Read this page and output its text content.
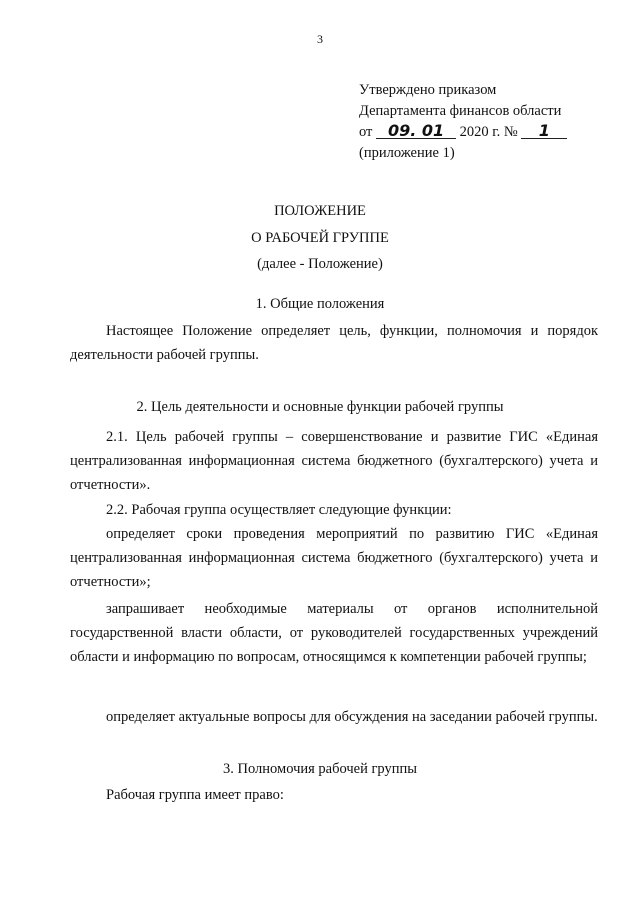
3
Утверждено приказом
Департамента финансов области
от 09. 01 2020 г. № 1
(приложение 1)
ПОЛОЖЕНИЕ
О РАБОЧЕЙ ГРУППЕ
(далее - Положение)
1. Общие положения
Настоящее Положение определяет цель, функции, полномочия и порядок деятельности рабочей группы.
2. Цель деятельности и основные функции рабочей группы
2.1. Цель рабочей группы – совершенствование и развитие ГИС «Единая централизованная информационная система бюджетного (бухгалтерского) учета и отчетности».
2.2. Рабочая группа осуществляет следующие функции:
определяет сроки проведения мероприятий по развитию ГИС «Единая централизованная информационная система бюджетного (бухгалтерского) учета и отчетности»;
запрашивает необходимые материалы от органов исполнительной государственной власти области, от руководителей государственных учреждений области и информацию по вопросам, относящимся к компетенции рабочей группы;
определяет актуальные вопросы для обсуждения на заседании рабочей группы.
3. Полномочия рабочей группы
Рабочая группа имеет право:
